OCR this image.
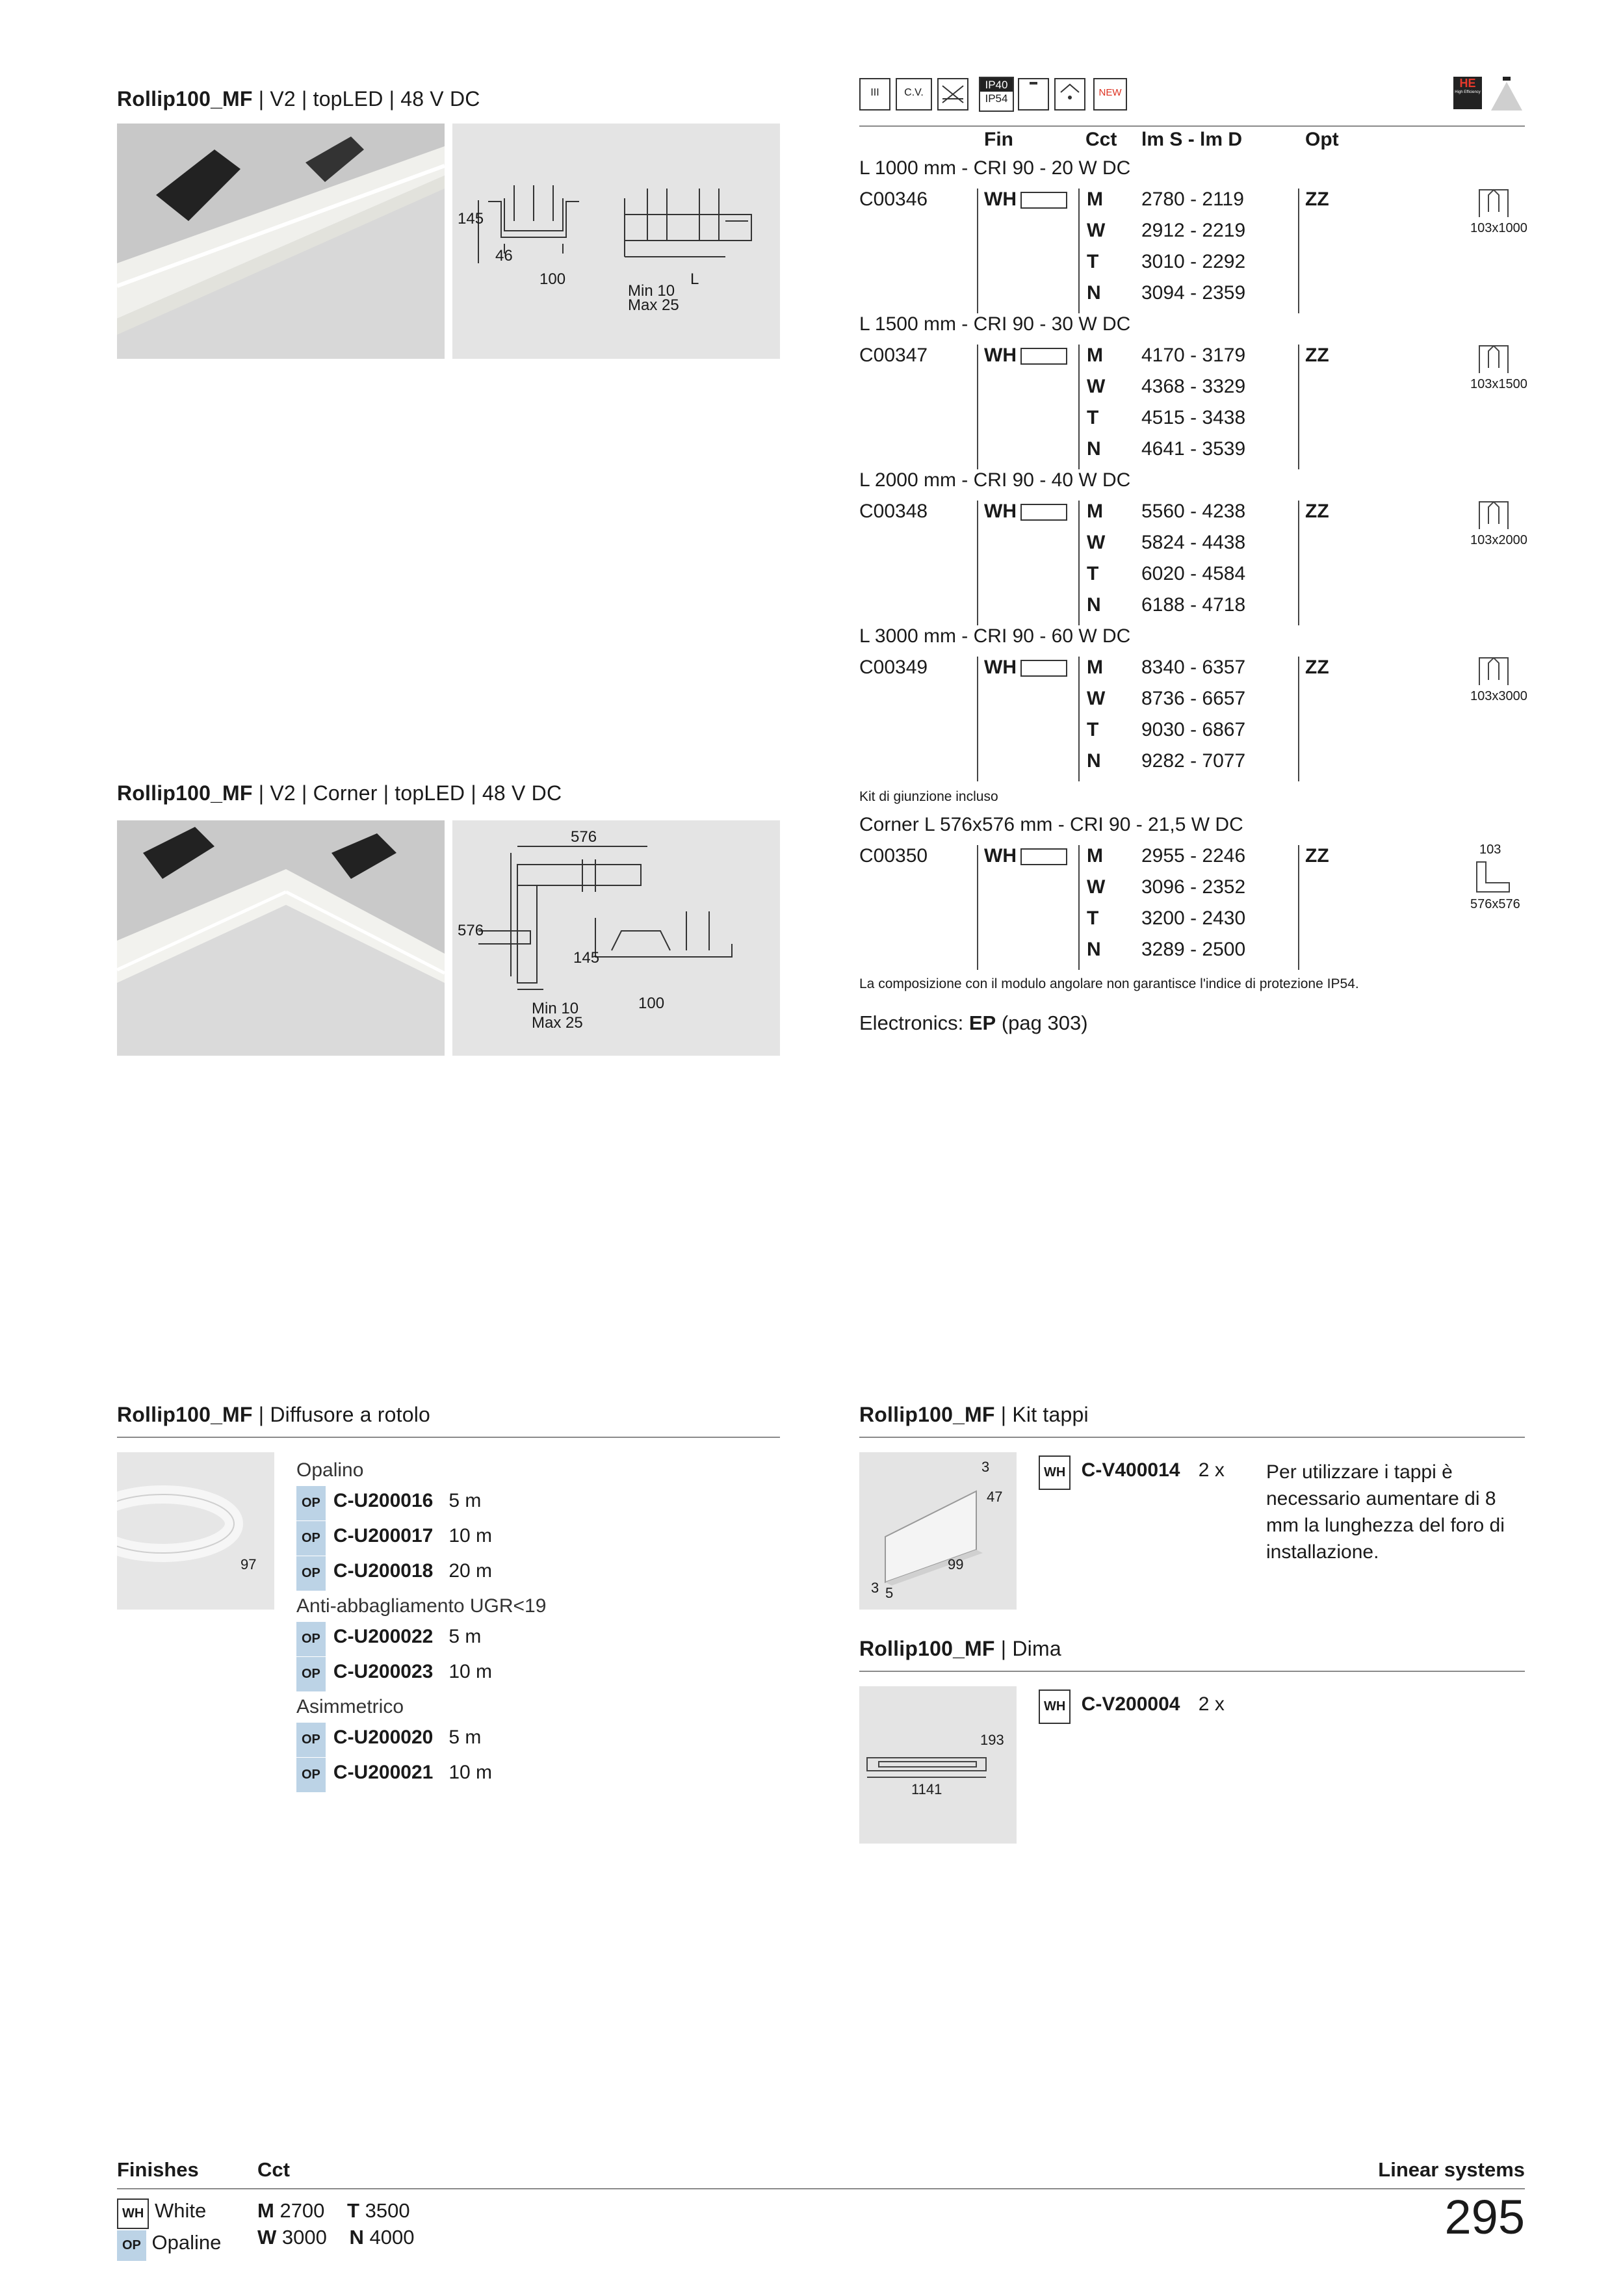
Rollip100_MF | V2 | topLED | 48 V DC
145
46
100
Min 10
Max 25
L
Rollip100_MF | V2 | Corner | topLED | 48 V DC
576
576
145
100
Min 10
Max 25
III	C.V.
IP40
IP54	NEW
HE
High Efficiency
Fin	Cct lm S - lm D	Opt
L 1000 mm - CRI 90 - 20 W DC
C00346	WH	ZZ
M 2780 - 2119
W 2912 - 2219
T 3010 - 2292
N 3094 - 2359
103x1000
L 1500 mm - CRI 90 - 30 W DC
C00347	WH	ZZ
M 4170 - 3179
W 4368 - 3329
T 4515 - 3438
N 4641 - 3539
103x1500
L 2000 mm - CRI 90 - 40 W DC
C00348	WH	ZZ
M 5560 - 4238
W 5824 - 4438
T 6020 - 4584
N 6188 - 4718
103x2000
L 3000 mm - CRI 90 - 60 W DC
C00349	WH	ZZ
M 8340 - 6357
W 8736 - 6657
T 9030 - 6867
N 9282 - 7077
103x3000
Kit di giunzione incluso
Corner L 576x576 mm - CRI 90 - 21,5 W DC
C00350	WH	ZZ
M 2955 - 2246
W 3096 - 2352
T 3200 - 2430
N 3289 - 2500
103
576x576
La composizione con il modulo angolare non garantisce l'indice di protezione IP54.
Electronics: EP (pag 303)
Rollip100_MF | Diffusore a rotolo
97
Opalino
OP C-U200016 5 m
OP C-U200017 10 m
OP C-U200018 20 m
Anti-abbagliamento UGR<19
OP C-U200022 5 m
OP C-U200023 10 m
Asimmetrico
OP C-U200020 5 m
OP C-U200021 10 m
Rollip100_MF | Kit tappi
3
47
99
3 5
WH C-V400014 2 x Per utilizzare i tappi è necessario aumentare di 8 mm la lunghezza del foro di installazione.
Rollip100_MF | Dima
193
1141
WH C-V200004 2 x
Finishes	Cct	Linear systems
WH White
OP Opaline
M 2700 T 3500
W 3000 N 4000	295
